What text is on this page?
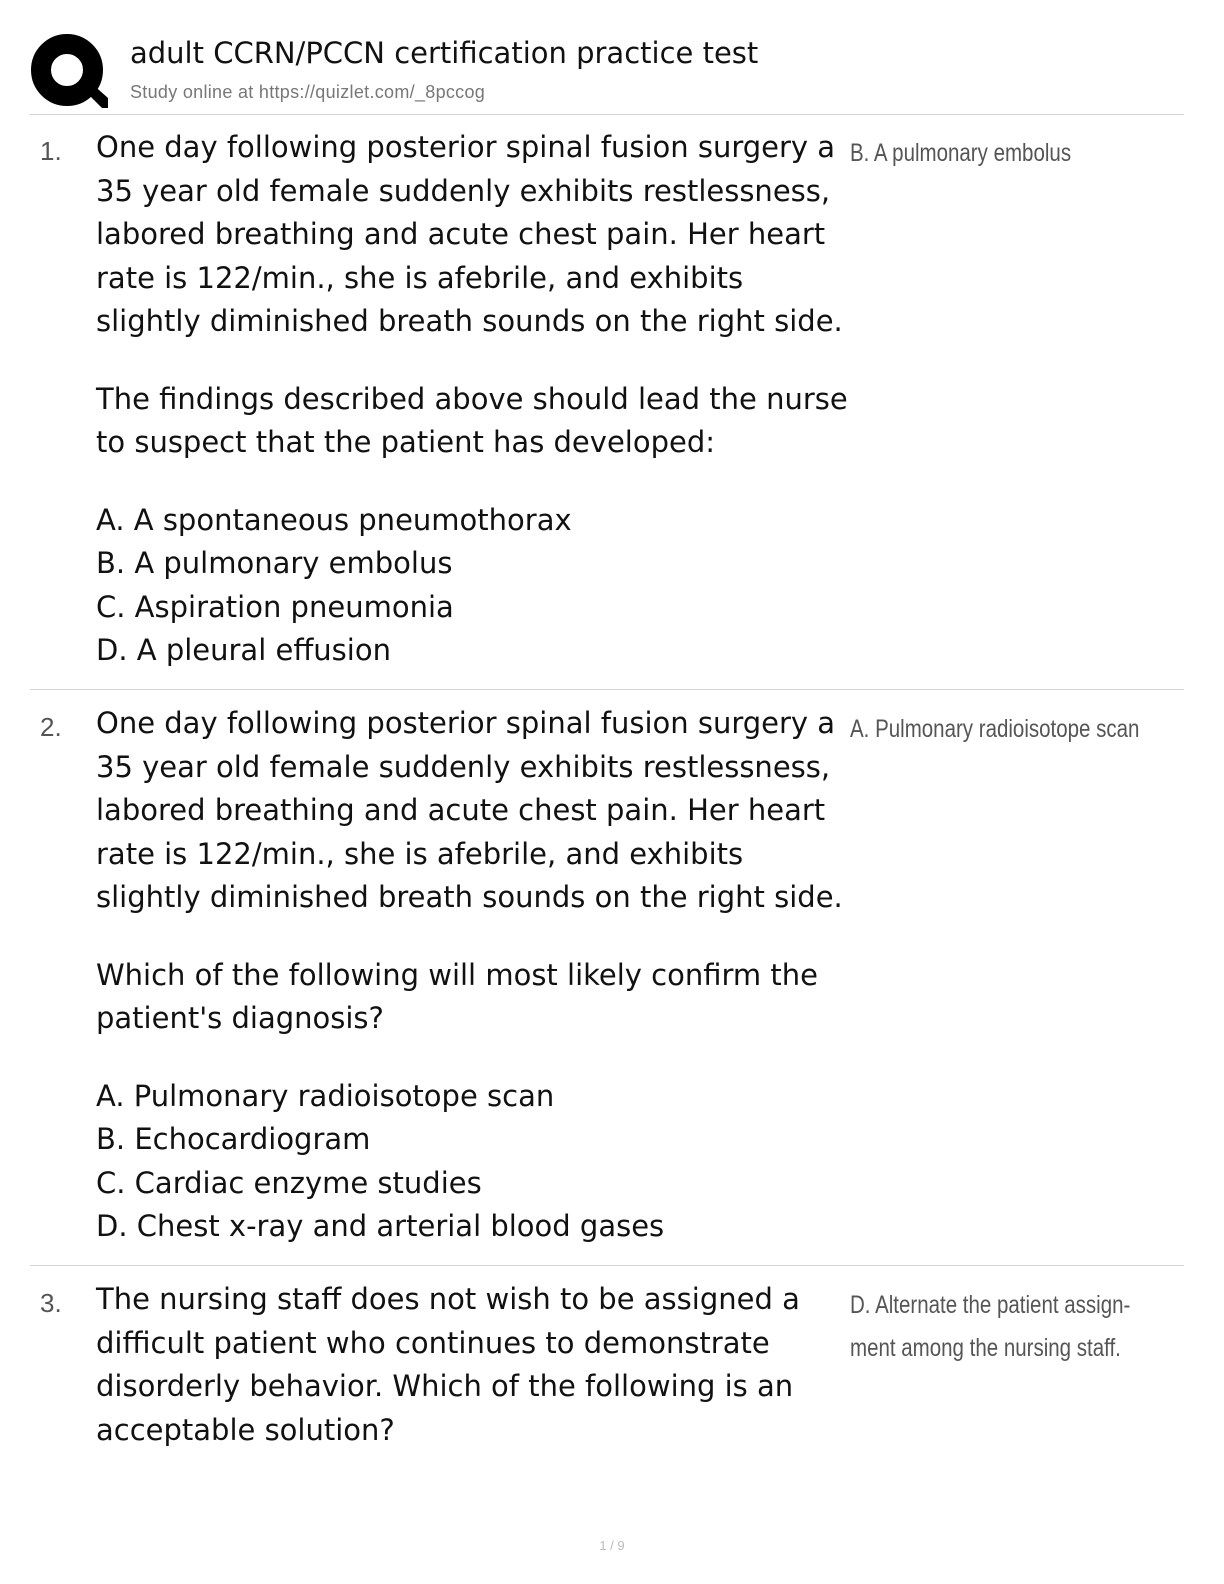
adult CCRN/PCCN certification practice test
Study online at https://quizlet.com/_8pccog
1. One day following posterior spinal fusion surgery a 35 year old female suddenly exhibits restlessness, labored breathing and acute chest pain. Her heart rate is 122/min., she is afebrile, and exhibits slightly diminished breath sounds on the right side.

The findings described above should lead the nurse to suspect that the patient has developed:

A. A spontaneous pneumothorax
B. A pulmonary embolus
C. Aspiration pneumonia
D. A pleural effusion

B. A pulmonary embolus
2. One day following posterior spinal fusion surgery a 35 year old female suddenly exhibits restlessness, labored breathing and acute chest pain. Her heart rate is 122/min., she is afebrile, and exhibits slightly diminished breath sounds on the right side.

Which of the following will most likely confirm the patient's diagnosis?

A. Pulmonary radioisotope scan
B. Echocardiogram
C. Cardiac enzyme studies
D. Chest x-ray and arterial blood gases

A. Pulmonary radioisotope scan
3. The nursing staff does not wish to be assigned a difficult patient who continues to demonstrate disorderly behavior. Which of the following is an acceptable solution?

D. Alternate the patient assign-ment among the nursing staff.
1 / 9
